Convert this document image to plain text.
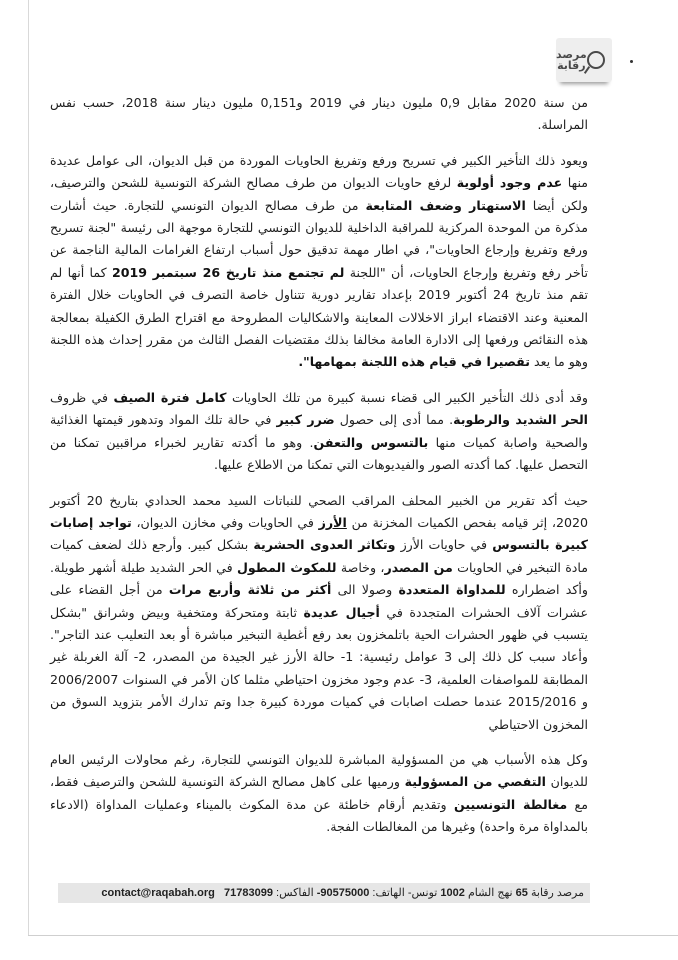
مرصد
رقابة

من سنة 2020 مقابل 0,9 مليون دينار في 2019 و0,151 مليون دينار سنة 2018، حسب نفس المراسلة.

ويعود ذلك التأخير الكبير في تسريح ورفع وتفريغ الحاويات الموردة من قبل الديوان، الى عوامل عديدة منها عدم وجود أولوية لرفع حاويات الديوان من طرف مصالح الشركة التونسية للشحن والترصيف، ولكن أيضا الاستهتار وضعف المتابعة من طرف مصالح الديوان التونسي للتجارة. حيث أشارت مذكرة من الموحدة المركزية للمراقبة الداخلية للديوان التونسي للتجارة موجهة الى رئيسة "لجنة تسريح ورفع وتفريغ وإرجاع الحاويات"، في اطار مهمة تدقيق حول أسباب ارتفاع الغرامات المالية الناجمة عن تأخر رفع وتفريغ وإرجاع الحاويات، أن "اللجنة لم تجتمع منذ تاريخ 26 سبتمبر 2019 كما أنها لم تقم منذ تاريخ 24 أكتوبر 2019 بإعداد تقارير دورية تتناول خاصة التصرف في الحاويات خلال الفترة المعنية وعند الاقتضاء ابراز الاخلالات المعاينة والاشكاليات المطروحة مع اقتراح الطرق الكفيلة بمعالجة هذه النقائص ورفعها إلى الادارة العامة مخالفا بذلك مقتضيات الفصل الثالث من مقرر إحداث هذه اللجنة وهو ما يعد تقصيرا في قيام هذه اللجنة بمهامها".

وقد أدى ذلك التأخير الكبير الى قضاء نسبة كبيرة من تلك الحاويات كامل فترة الصيف في ظروف الحر الشديد والرطوبة. مما أدى إلى حصول ضرر كبير في حالة تلك المواد وتدهور قيمتها الغذائية والصحية واصابة كميات منها بالتسوس والتعفن. وهو ما أكدته تقارير لخبراء مراقبين تمكنا من التحصل عليها. كما أكدته الصور والفيديوهات التي تمكنا من الاطلاع عليها.

حيث أكد تقرير من الخبير المحلف المراقب الصحي للنباتات السيد محمد الحدادي بتاريخ 20 أكتوبر 2020، إثر قيامه بفحص الكميات المخزنة من الأرز في الحاويات وفي مخازن الديوان، تواجد إصابات كبيرة بالتسوس في حاويات الأرز وتكاثر العدوى الحشرية بشكل كبير. وأرجع ذلك لضعف كميات مادة التبخير في الحاويات من المصدر، وخاصة للمكوث المطول في الحر الشديد طيلة أشهر طويلة. وأكد اضطراره للمداواة المتعددة وصولا الى أكثر من ثلاثة وأربع مرات من أجل القضاء على عشرات آلاف الحشرات المتجددة في أجيال عديدة ثابتة ومتحركة ومتخفية وبيض وشرانق "بشكل يتسبب في ظهور الحشرات الحية باتلمخزون بعد رفع أغطية التبخير مباشرة أو بعد التعليب عند التاجر". وأعاد سبب كل ذلك إلى 3 عوامل رئيسية: 1- حالة الأرز غير الجيدة من المصدر، 2- آلة الغربلة غير المطابقة للمواصفات العلمية، 3- عدم وجود مخزون احتياطي مثلما كان الأمر في السنوات 2006/2007 و 2015/2016 عندما حصلت اصابات في كميات موردة كبيرة جدا وتم تدارك الأمر بتزويد السوق من المخزون الاحتياطي

وكل هذه الأسباب هي من المسؤولية المباشرة للديوان التونسي للتجارة، رغم محاولات الرئيس العام للديوان التفصي من المسؤولية ورميها على كاهل مصالح الشركة التونسية للشحن والترصيف فقط، مع مغالطة التونسيين وتقديم أرقام خاطئة عن مدة المكوث بالميناء وعمليات المداواة (الادعاء بالمداواة مرة واحدة) وغيرها من المغالطات الفجة.

مرصد رقابة 65 نهج الشام 1002 تونس- الهاتف: 90575000- الفاكس: 71783099   contact@raqabah.org
